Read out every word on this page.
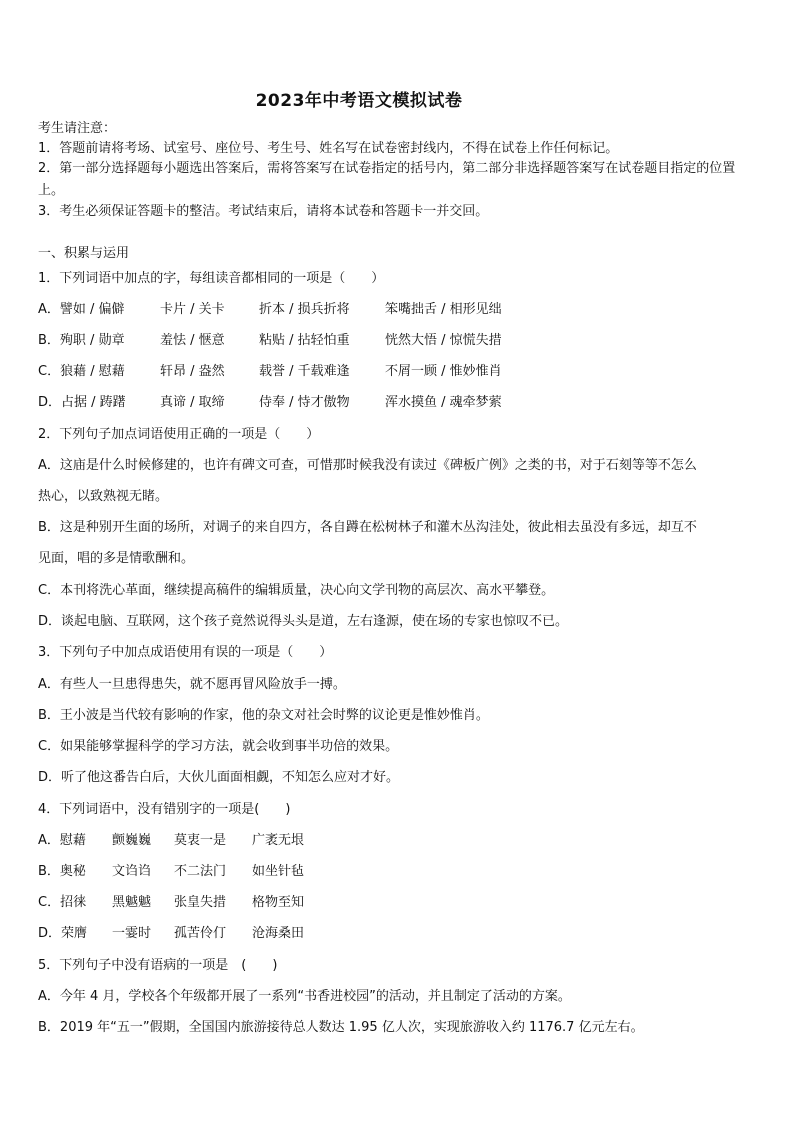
2023年中考语文模拟试卷
考生请注意：
1．答题前请将考场、试室号、座位号、考生号、姓名写在试卷密封线内，不得在试卷上作任何标记。
2．第一部分选择题每小题选出答案后，需将答案写在试卷指定的括号内，第二部分非选择题答案写在试卷题目指定的位置上。
3．考生必须保证答题卡的整洁。考试结束后，请将本试卷和答题卡一并交回。
一、积累与运用
1．下列词语中加点的字，每组读音都相同的一项是（　　）
A．譬如 / 偏僻	卡片 / 关卡	折本 / 损兵折将	笨嘴拙舌 / 相形见绌
B．殉职 / 勋章	羞怯 / 惬意	粘贴 / 拈轻怕重	恍然大悟 / 惊慌失措
C．狼藉 / 慰藉	轩昂 / 盎然	载誉 / 千载难逢	不屑一顾 / 惟妙惟肖
D．占据 / 踌躇	真谛 / 取缔	侍奉 / 恃才傲物	浑水摸鱼 / 魂牵梦萦
2．下列句子加点词语使用正确的一项是（　　）
A．这庙是什么时候修建的，也许有碑文可查，可惜那时候我没有读过《碑板广例》之类的书，对于石刻等等不怎么
热心，以致熟视无睹。
B．这是种别开生面的场所，对调子的来自四方，各自蹲在松树林子和灌木丛沟洼处，彼此相去虽没有多远，却互不
见面，唱的多是情歌酬和。
C．本刊将洗心革面，继续提高稿件的编辑质量，决心向文学刊物的高层次、高水平攀登。
D．谈起电脑、互联网，这个孩子竟然说得头头是道，左右逢源，使在场的专家也惊叹不已。
3．下列句子中加点成语使用有误的一项是（　　）
A．有些人一旦患得患失，就不愿再冒风险放手一搏。
B．王小波是当代较有影响的作家，他的杂文对社会时弊的议论更是惟妙惟肖。
C．如果能够掌握科学的学习方法，就会收到事半功倍的效果。
D．听了他这番告白后，大伙儿面面相觑，不知怎么应对才好。
4．下列词语中，没有错别字的一项是(　　)
A．慰藉 颤巍巍 莫衷一是 广袤无垠
B．奥秘 文诌诌 不二法门 如坐针毡
C．招徕 黑魆魆 张皇失措 格物至知
D．荣膺 一霎时 孤苦伶仃 沧海桑田
5．下列句子中没有语病的一项是　(　　)
A．今年 4 月，学校各个年级都开展了一系列“书香进校园”的活动，并且制定了活动的方案。
B．2019 年“五一”假期，全国国内旅游接待总人数达 1.95 亿人次，实现旅游收入约 1176.7 亿元左右。
